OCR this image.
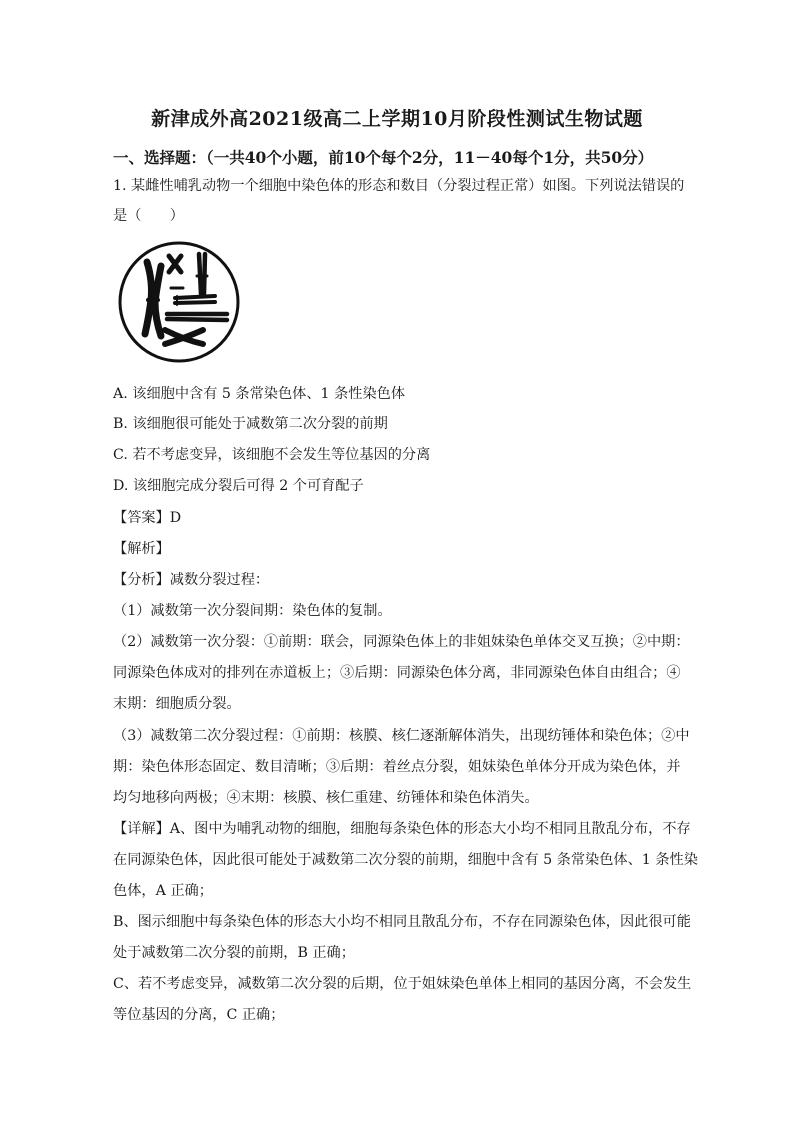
新津成外高2021级高二上学期10月阶段性测试生物试题
一、选择题：（一共40个小题，前10个每个2分，11－40每个1分，共50分）
1. 某雌性哺乳动物一个细胞中染色体的形态和数目（分裂过程正常）如图。下列说法错误的
是（　　）
A. 该细胞中含有 5 条常染色体、1 条性染色体
B. 该细胞很可能处于减数第二次分裂的前期
C. 若不考虑变异，该细胞不会发生等位基因的分离
D. 该细胞完成分裂后可得 2 个可育配子
【答案】D
【解析】
【分析】减数分裂过程：
（1）减数第一次分裂间期：染色体的复制。
（2）减数第一次分裂：①前期：联会，同源染色体上的非姐妹染色单体交叉互换；②中期：
同源染色体成对的排列在赤道板上；③后期：同源染色体分离，非同源染色体自由组合；④
末期：细胞质分裂。
（3）减数第二次分裂过程：①前期：核膜、核仁逐渐解体消失，出现纺锤体和染色体；②中
期：染色体形态固定、数目清晰；③后期：着丝点分裂，姐妹染色单体分开成为染色体，并
均匀地移向两极；④末期：核膜、核仁重建、纺锤体和染色体消失。
【详解】A、图中为哺乳动物的细胞，细胞每条染色体的形态大小均不相同且散乱分布，不存
在同源染色体，因此很可能处于减数第二次分裂的前期，细胞中含有 5 条常染色体、1 条性染
色体，A 正确；
B、图示细胞中每条染色体的形态大小均不相同且散乱分布，不存在同源染色体，因此很可能
处于减数第二次分裂的前期，B 正确；
C、若不考虑变异，减数第二次分裂的后期，位于姐妹染色单体上相同的基因分离，不会发生
等位基因的分离，C 正确；
